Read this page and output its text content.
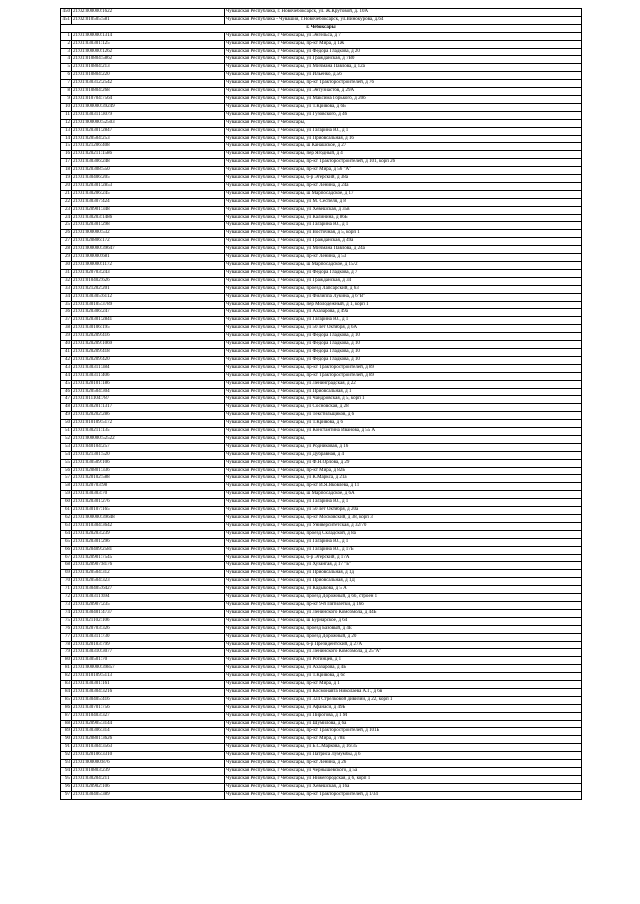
450	21:02:000000:1622	Чувашская Республика, г. Новочебоксарск, ул. Ж.Крутовой, д. 10А
451	21:02:010505:581	Чувашская Республика - Чувашия, г.Новочебоксарск, ул.Винокурова, д.64
г. Чебоксары		
1	21:01:000000:1314	Чувашская Республика, г Чебоксары, ул Энгельса, д 7
2	21:01:030301:125	Чувашская Республика, г Чебоксары, пр-кт Мира, д 1Ж
3	21:01:000000:1262	Чувашская Республика, г Чебоксары, ул Федора Гладкова, д 20
4	21:01:010804:5862	Чувашская Республика, г Чебоксары, ул Гражданская, д 7В0
5	21:01:010804:213	Чувашская Республика, г Чебоксары, ул Мичмана Павлова, д 12а
6	21:01:010804:220	Чувашская Республика, г Чебоксары, ул Ильенко, д.56
7	21:01:030312:2542	Чувашская Республика, г Чебоксары, пр-кт Тракторостроителей, д 76
8	21:01:010804:268	Чувашская Республика, г Чебоксары, ул Энтузиастов, д 29А
9	21:01:010704:7564	Чувашская Республика, г Чебоксары, ул Максима Горького, д 20б
10	21:01:000000:39249	Чувашская Республика, г Чебоксары, ул Т.Кривова, д 6Б
11	21:01:030311:3079	Чувашская Республика, г Чебоксары, ул Гузовского, д 46
12	21:01:000000:52503	Чувашская Республика, г Чебоксары,
13	21:01:020301:2847	Чувашская Республика, г Чебоксары, ул Гагарина Ю., д 1
14	21:01:020504:253	Чувашская Республика, г Чебоксары, ул Приовсальная, д 16
15	21:01:021206:408	Чувашская Республика, г Чебоксары, ш Канашское, д 27
16	21:01:020211:1586	Чувашская Республика, г Чебоксары, пер Ягодный, д 4
17	21:01:030306:248	Чувашская Республика, г Чебоксары, пр-кт Тракторостроителей, д 101, корп 26
18	21:01:020308:550	Чувашская Республика, г Чебоксары, пр-кт Мира, д 56 "А"
19	21:01:030406:205	Чувашская Республика, г Чебоксары, б-р Эгерский, д 38а
20	21:01:020301:2853	Чувашская Республика, г Чебоксары, пр-кт Ленина, д 24а
21	21:01:030206:245	Чувашская Республика, г Чебоксары, ш Марпосадское, д 17
22	21:01:030307:424	Чувашская Республика, г Чебоксары, ул М. Сеспеля, д 8
23	21:01:020901:348	Чувашская Республика, г Чебоксары, ул Хевешская, д 35в
24	21:01:030203:1486	Чувашская Республика, г Чебоксары, ул Калинина, д 86Б
25	21:01:020301:298	Чувашская Республика, г Чебоксары, ул Гагарина Ю., д 1
26	21:01:000000:532	Чувашская Республика, г Чебоксары, ул Восточная, д 5, корп 1
27	21:01:020806:172	Чувашская Республика, г Чебоксары, ул Гражданская, д 49а
28	21:01:000000:39647	Чувашская Республика, г Чебоксары, ул Мичмана Павлова, д 24а
29	21:01:000000:681	Чувашская Республика, г Чебоксары, пр-кт Ленина, д 53
30	21:01:000000:1172	Чувашская Республика, г Чебоксары, ш Марпосадское, д 15/2
31	21:01:020703:243	Чувашская Республика, г Чебоксары, ул Федора Гладкова, д 7
32	21:01:010402:626	Чувашская Республика, г Чебоксары, ул Гражданская, д 34
33	21:01:021202:201	Чувашская Республика, г Чебоксары, проезд Лапсарский, д 63
34	21:01:030305:6112	Чувашская Республика, г Чебоксары, ул Филиппа Лукина, д 6"В"
35	21:01:030105:3789	Чувашская Республика, г Чебоксары, пер Молодежный, д 1, корп 1
36	21:01:020306:247	Чувашская Республика, г Чебоксары, ул Ахазарова, д 49а
37	21:01:020301:2841	Чувашская Республика, г Чебоксары, ул Гагарина Ю., д 1
38	21:01:030106:195	Чувашская Республика, г Чебоксары, ул 50 лет Октября, д 6А
39	21:01:020209:416	Чувашская Республика, г Чебоксары, ул Федора Гладкова, д 10
40	21:01:020209:1069	Чувашская Республика, г Чебоксары, ул Федора Гладкова, д 10
41	21:01:020209:418	Чувашская Республика, г Чебоксары, ул Федора Гладкова, д 10
42	21:01:020209:420	Чувашская Республика, г Чебоксары, ул Федора Гладкова, д 10
43	21:01:030311:384	Чувашская Республика, г Чебоксары, пр-кт Тракторостроителей, д 89
44	21:01:030311:406	Чувашская Республика, г Чебоксары, пр-кт Тракторостроителей, д 89
45	21:01:020101:186	Чувашская Республика, г Чебоксары, ул Ленинградская, д 22
46	21:01:020504:304	Чувашская Республика, г Чебоксары, ул Приовсальная, д 1
47	21:01:011104:787	Чувашская Республика, г Чебоксары, ул Чандровская, д 5, корп 1
48	21:01:030201:1317	Чувашская Республика, г Чебоксары, ул Сосновская, д 28
49	21:01:020202:286	Чувашская Республика, г Чебоксары, ул Текстильщиков, д 6
50	21:01:010109:5172	Чувашская Республика, г Чебоксары, ул Т.Кривова, д 6
51	21:01:030211:135	Чувашская Республика, г Чебоксары, ул Константина Иванова, д 55 А
52	21:01:000000:52522	Чувашская Республика, г Чебоксары,
53	21:01:040104:257	Чувашская Республика, г Чебоксары, ул Родниковая, д 16
54	21:01:021301:520	Чувашская Республика, г Чебоксары, ул Дубравная, д 4
55	21:01:030509:106	Чувашская Республика, г Чебоксары, ул Ф.Н.Орлова, д 29
56	21:01:020801:336	Чувашская Республика, г Чебоксары, пр-кт Мира, д 82Б
57	21:01:020102:588	Чувашская Республика, г Чебоксары, ул К.Маркса, д 21а
58	21:01:020703:98	Чувашская Республика, г Чебоксары, пр-кт И.Я.Яковлева, д 11
59	21:01:030303:70	Чувашская Республика, г Чебоксары, ш Марпосадское, д 6А
60	21:01:020301:276	Чувашская Республика, г Чебоксары, ул Гагарина Ю., д 1
61	21:01:030107:165	Чувашская Республика, г Чебоксары, ул 50 лет Октября, д 20а
62	21:01:000000:39648	Чувашская Республика, г Чебоксары, пр-кт Московский, д 38, корп 3
63	21:01:010304:3642	Чувашская Республика, г Чебоксары, ул Университетская, д 32/70
64	21:01:020203:239	Чувашская Республика, г Чебоксары, проезд Складской, д 8а
65	21:01:020301:296	Чувашская Республика, г Чебоксары, ул Гагарина Ю., д 1
66	21:01:020409:2581	Чувашская Республика, г Чебоксары, ул Гагарина Ю., д 17Б
67	21:01:020901:7545	Чувашская Республика, г Чебоксары, б-р Эгерский, д 17А
68	21:01:020907:8176	Чувашская Республика, г Чебоксары, ул Хузангая, д 17 "Б"
69	21:01:020504:312	Чувашская Республика, г Чебоксары, ул Приовсальная, д 1д
70	21:01:020504:323	Чувашская Республика, г Чебоксары, ул Приовсальная, д 1Д
71	21:01:030405:6427	Чувашская Республика, г Чебоксары, ул Кадыкова, д 5 А
72	21:01:030311:694	Чувашская Республика, г Чебоксары, проезд Дорожный, д 6б, строен 1
73	21:01:020907:235	Чувашская Республика, г Чебоксары, пр-кт 9-й Пятилетки, д 16б
74	21:01:030401:4737	Чувашская Республика, г Чебоксары, ул Ленинского Комсомола, д 44Б
75	21:01:021102:106	Чувашская Республика, г Чебоксары, ш Бурнарское, д 64
76	21:01:020703:326	Чувашская Республика, г Чебоксары, проезд Базовый, д 4Е
77	21:01:030311:730	Чувашская Республика, г Чебоксары, проезд Дорожный, д 20
78	21:01:020103:799	Чувашская Республика, г Чебоксары, б-р Президентский, д 27А
79	21:01:030310:3077	Чувашская Республика, г Чебоксары, ул Ленинского Комсомола, д 25"А"
80	21:01:030501:70	Чувашская Республика, г Чебоксары, ул Ротинцев, д 1
81	21:01:000000:39857	Чувашская Республика, г Чебоксары, ул Ахазарова, д 4Б
82	21:01:010109:5113	Чувашская Республика, г Чебоксары, ул Т.Кривова, д 6с
83	21:01:030301:161	Чувашская Республика, г Чебоксары, пр-кт Мира, д 1
84	21:01:030304:3216	Чувашская Республика, г Чебоксары, ул Космонавта Николаева А.Г., д 6в
85	21:01:030405:416	Чувашская Республика, г Чебоксары, ул 324 Стрелковой дивизии, д 22, корп 1
86	21:01:030701:756	Чувашская Республика, г Чебоксары, ул Афанаси, д 49Б
87	21:01:010403:327	Чувашская Республика, г Чебоксары, ул Пирогова, д 1 М
88	21:01:020905:3144	Чувашская Республика, г Чебоксары, ул Шумилова, д 6а
89	21:01:030306:314	Чувашская Республика, г Чебоксары, пр-кт Тракторостроителей, д 101Б
90	21:01:020801:3626	Чувашская Республика, г Чебоксары, пр-кт Мира, д 78Е
91	21:01:010304:3563	Чувашская Республика, г Чебоксары, ул Б.С.Маркова, д 16/35
92	21:01:020106:3310	Чувашская Республика, г Чебоксары, ул Патриса Лумумбы, д 6
93	21:01:000000:876	Чувашская Республика, г Чебоксары, пр-кт Ленина, д 26
94	21:01:010803:239	Чувашская Республика, г Чебоксары, ул Чернышевского, д 5а
95	21:01:030204:211	Чувашская Республика, г Чебоксары, ул Нижегородская, д 6, корп 1
96	21:01:020902:106	Чувашская Республика, г Чебоксары, ул Хевешская, д 16а
97	21:01:030405:389	Чувашская Республика, г Чебоксары, пр-кт Тракторостроителей, д 1/34
